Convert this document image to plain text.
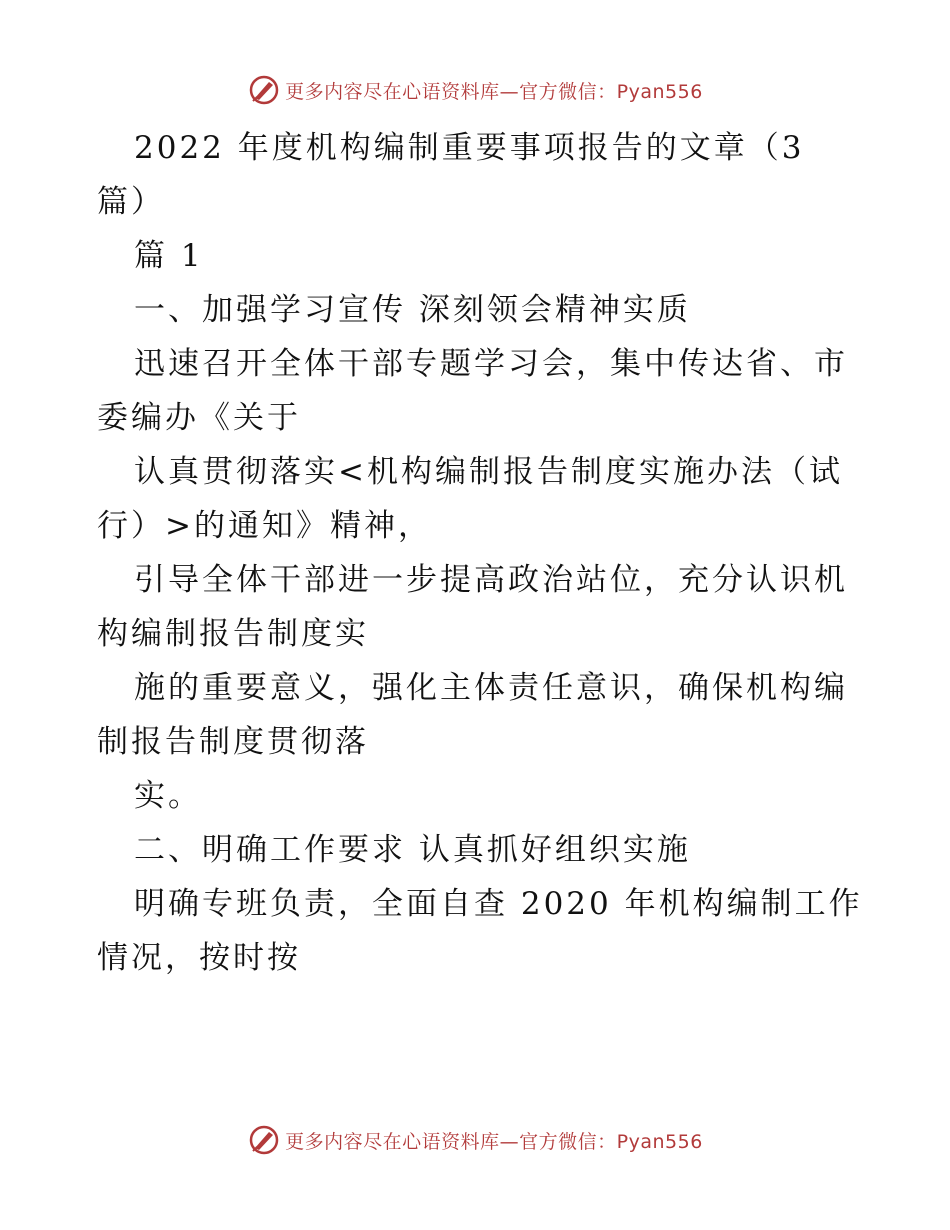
更多内容尽在心语资料库—官方微信：Pyan556
2022 年度机构编制重要事项报告的文章（3
篇）
篇 1
一、加强学习宣传 深刻领会精神实质
迅速召开全体干部专题学习会，集中传达省、市
委编办《关于
认真贯彻落实<机构编制报告制度实施办法（试
行）>的通知》精神，
引导全体干部进一步提高政治站位，充分认识机
构编制报告制度实
施的重要意义，强化主体责任意识，确保机构编
制报告制度贯彻落
实。
二、明确工作要求 认真抓好组织实施
明确专班负责，全面自查 2020 年机构编制工作
情况，按时按
更多内容尽在心语资料库—官方微信：Pyan556
